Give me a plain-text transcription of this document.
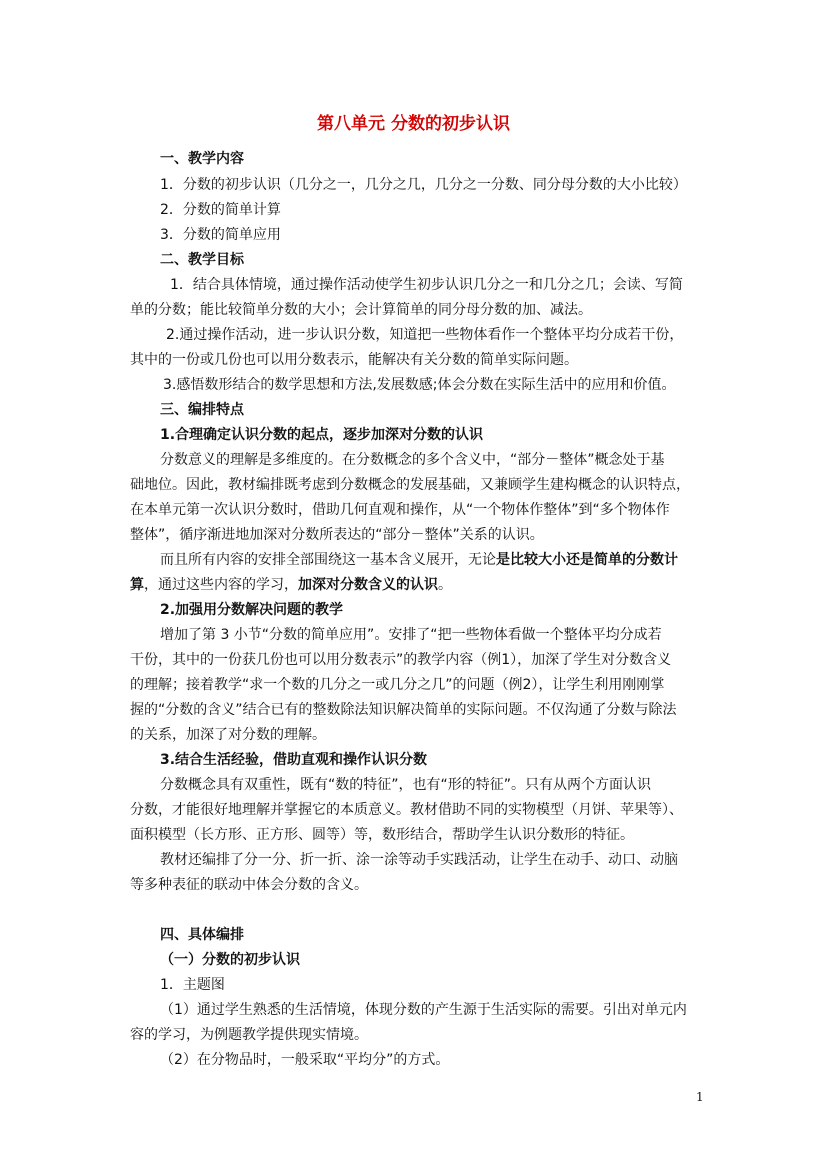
第八单元 分数的初步认识
一、教学内容
1．分数的初步认识（几分之一，几分之几，几分之一分数、同分母分数的大小比较）
2．分数的简单计算
3．分数的简单应用
二、教学目标
1．结合具体情境，通过操作活动使学生初步认识几分之一和几分之几；会读、写简
单的分数；能比较简单分数的大小；会计算简单的同分母分数的加、减法。
2.通过操作活动，进一步认识分数，知道把一些物体看作一个整体平均分成若干份，
其中的一份或几份也可以用分数表示，能解决有关分数的简单实际问题。
3.感悟数形结合的数学思想和方法,发展数感;体会分数在实际生活中的应用和价值。
三、编排特点
1.合理确定认识分数的起点，逐步加深对分数的认识
分数意义的理解是多维度的。在分数概念的多个含义中，“部分－整体”概念处于基
础地位。因此，教材编排既考虑到分数概念的发展基础，又兼顾学生建构概念的认识特点，
在本单元第一次认识分数时，借助几何直观和操作，从“一个物体作整体”到“多个物体作
整体”，循序渐进地加深对分数所表达的“部分－整体”关系的认识。
而且所有内容的安排全部围绕这一基本含义展开，无论是比较大小还是简单的分数计
算，通过这些内容的学习，加深对分数含义的认识。
2.加强用分数解决问题的教学
增加了第 3 小节“分数的简单应用”。安排了“把一些物体看做一个整体平均分成若
干份，其中的一份获几份也可以用分数表示”的教学内容（例1），加深了学生对分数含义
的理解；接着教学“求一个数的几分之一或几分之几”的问题（例2），让学生利用刚刚掌
握的“分数的含义”结合已有的整数除法知识解决简单的实际问题。不仅沟通了分数与除法
的关系，加深了对分数的理解。
3.结合生活经验，借助直观和操作认识分数
分数概念具有双重性，既有“数的特征”，也有“形的特征”。只有从两个方面认识
分数，才能很好地理解并掌握它的本质意义。教材借助不同的实物模型（月饼、苹果等）、
面积模型（长方形、正方形、圆等）等，数形结合，帮助学生认识分数形的特征。
教材还编排了分一分、折一折、涂一涂等动手实践活动，让学生在动手、动口、动脑
等多种表征的联动中体会分数的含义。
四、具体编排
（一）分数的初步认识
1．主题图
（1）通过学生熟悉的生活情境，体现分数的产生源于生活实际的需要。引出对单元内
容的学习，为例题教学提供现实情境。
（2）在分物品时，一般采取“平均分”的方式。
1
